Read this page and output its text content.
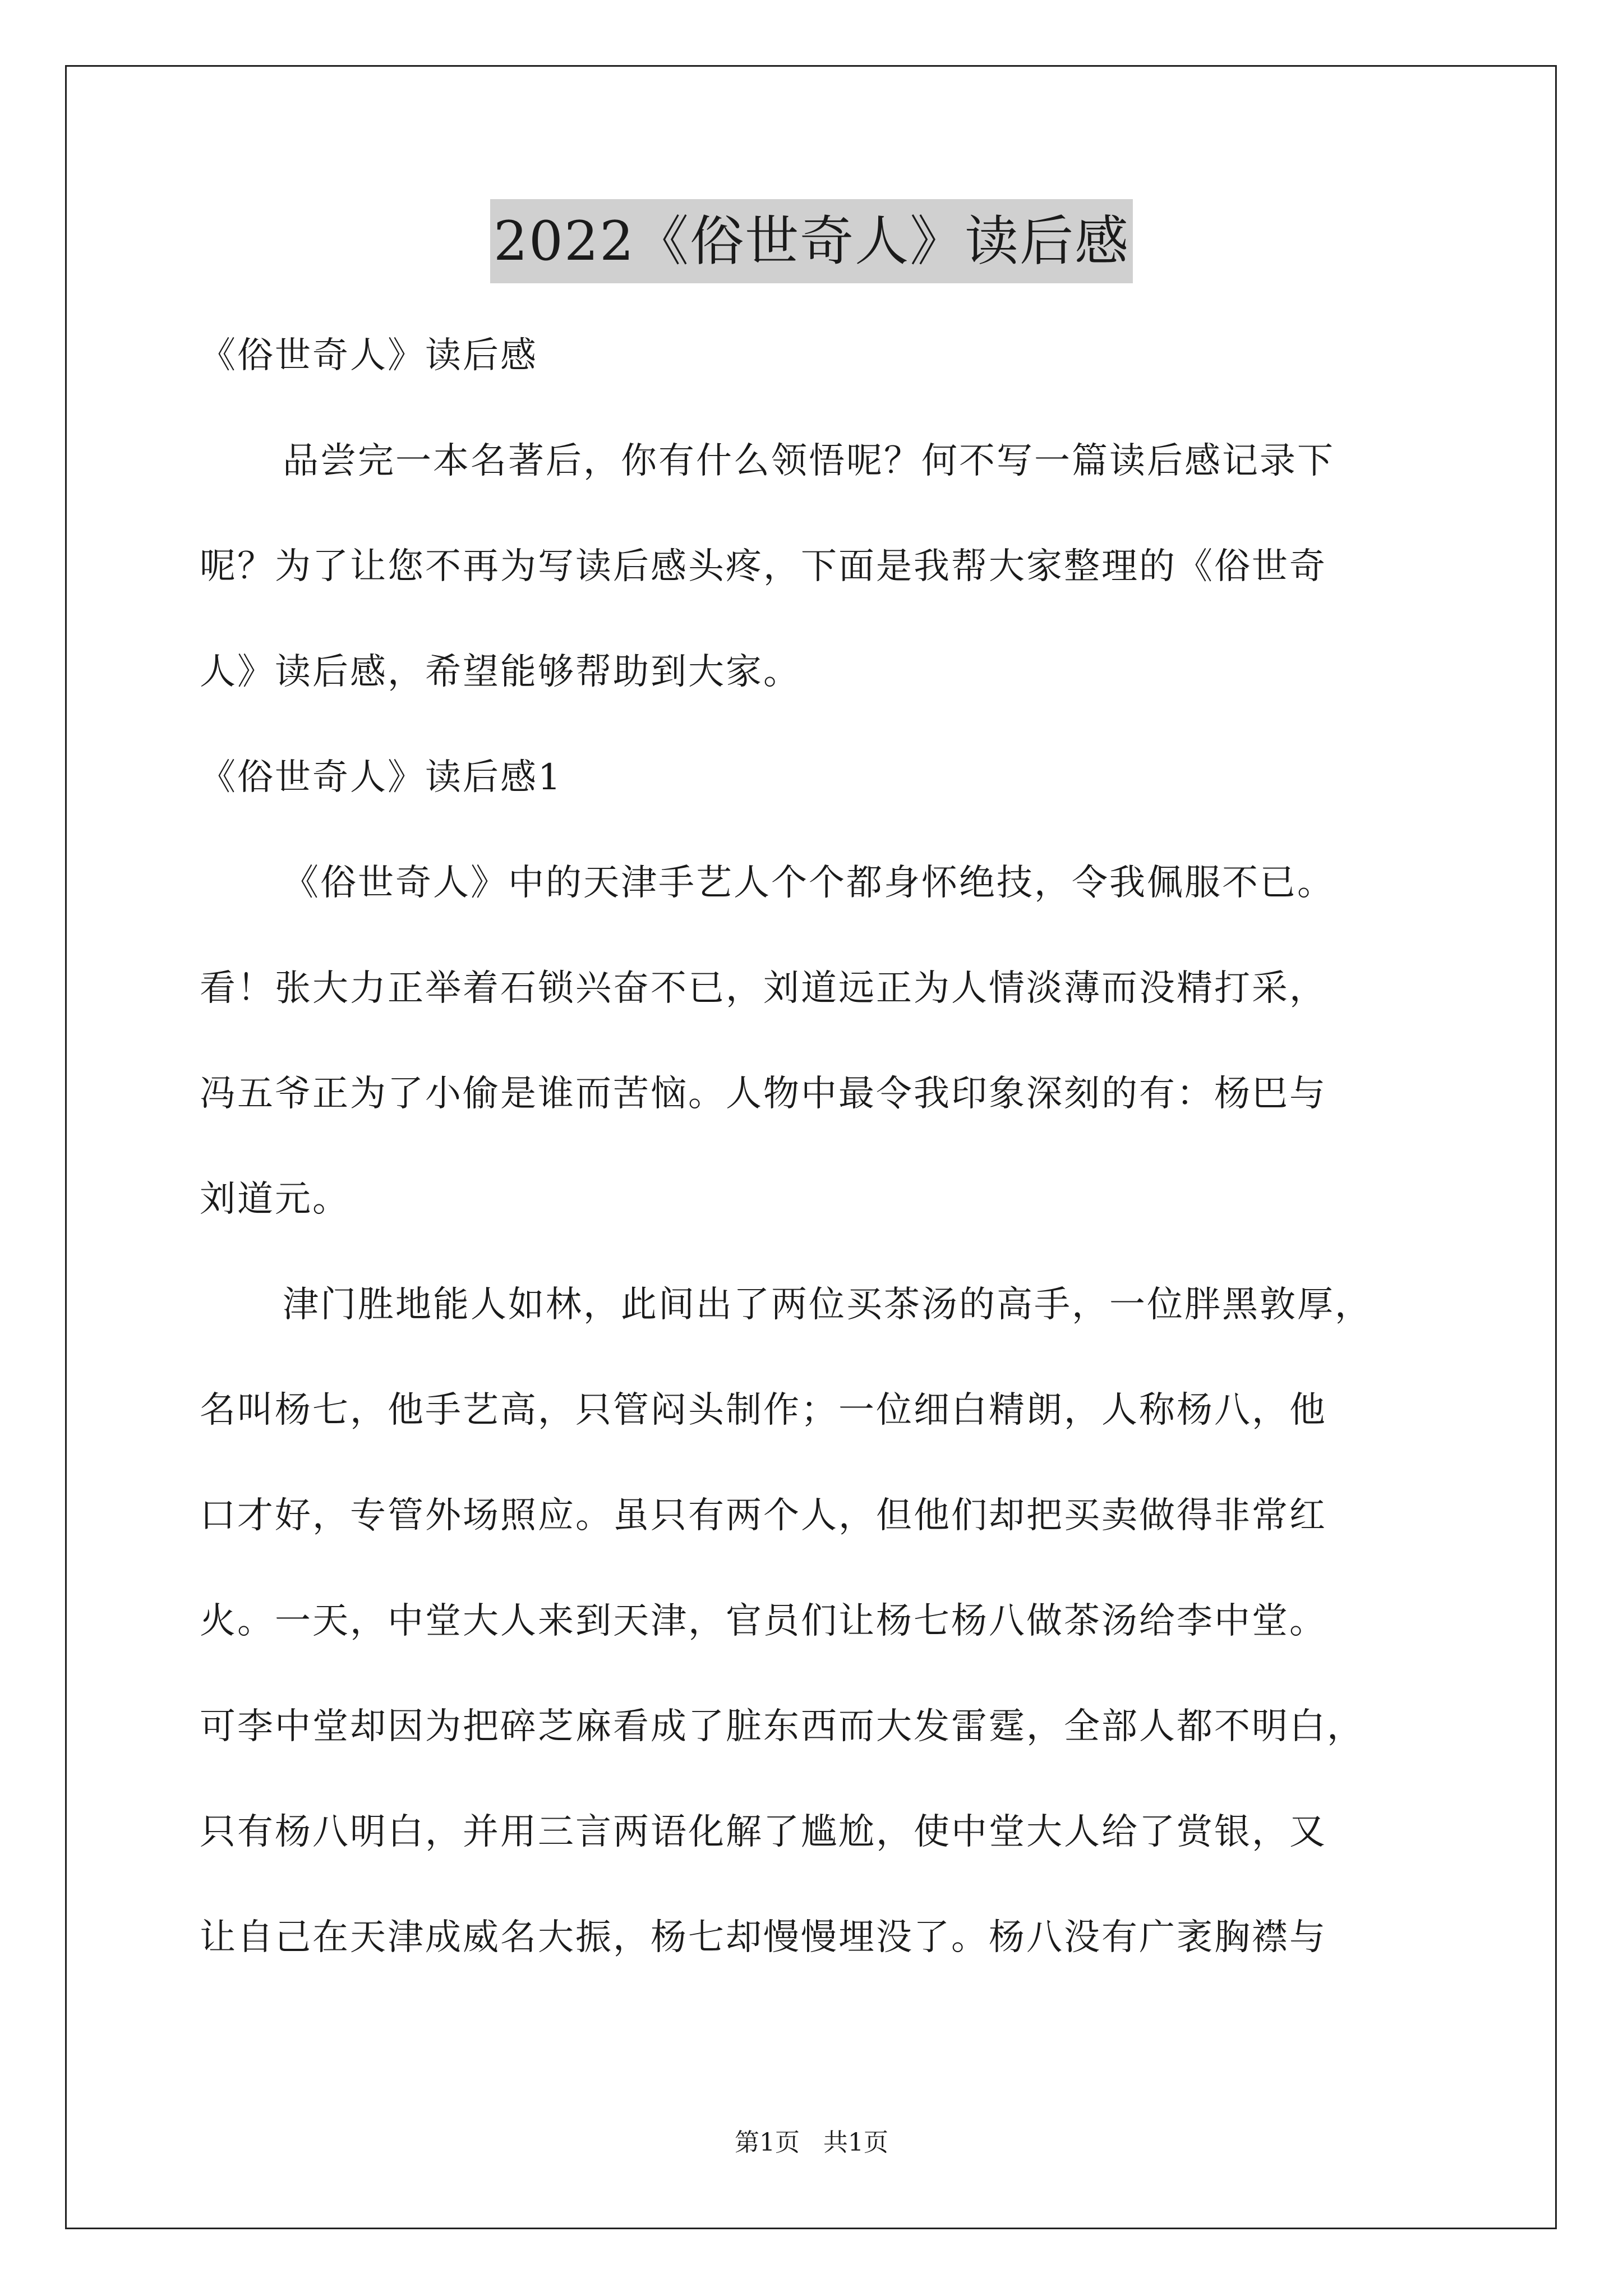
2022《俗世奇人》读后感
《俗世奇人》读后感
品尝完一本名著后，你有什么领悟呢？何不写一篇读后感记录下
呢？为了让您不再为写读后感头疼，下面是我帮大家整理的《俗世奇
人》读后感，希望能够帮助到大家。
《俗世奇人》读后感1
《俗世奇人》中的天津手艺人个个都身怀绝技，令我佩服不已。
看！张大力正举着石锁兴奋不已，刘道远正为人情淡薄而没精打采，
冯五爷正为了小偷是谁而苦恼。人物中最令我印象深刻的有：杨巴与
刘道元。
津门胜地能人如林，此间出了两位买茶汤的高手，一位胖黑敦厚，
名叫杨七，他手艺高，只管闷头制作；一位细白精朗，人称杨八，他
口才好，专管外场照应。虽只有两个人，但他们却把买卖做得非常红
火。一天，中堂大人来到天津，官员们让杨七杨八做茶汤给李中堂。
可李中堂却因为把碎芝麻看成了脏东西而大发雷霆，全部人都不明白，
只有杨八明白，并用三言两语化解了尴尬，使中堂大人给了赏银，又
让自己在天津成威名大振，杨七却慢慢埋没了。杨八没有广袤胸襟与
第1页   共1页
